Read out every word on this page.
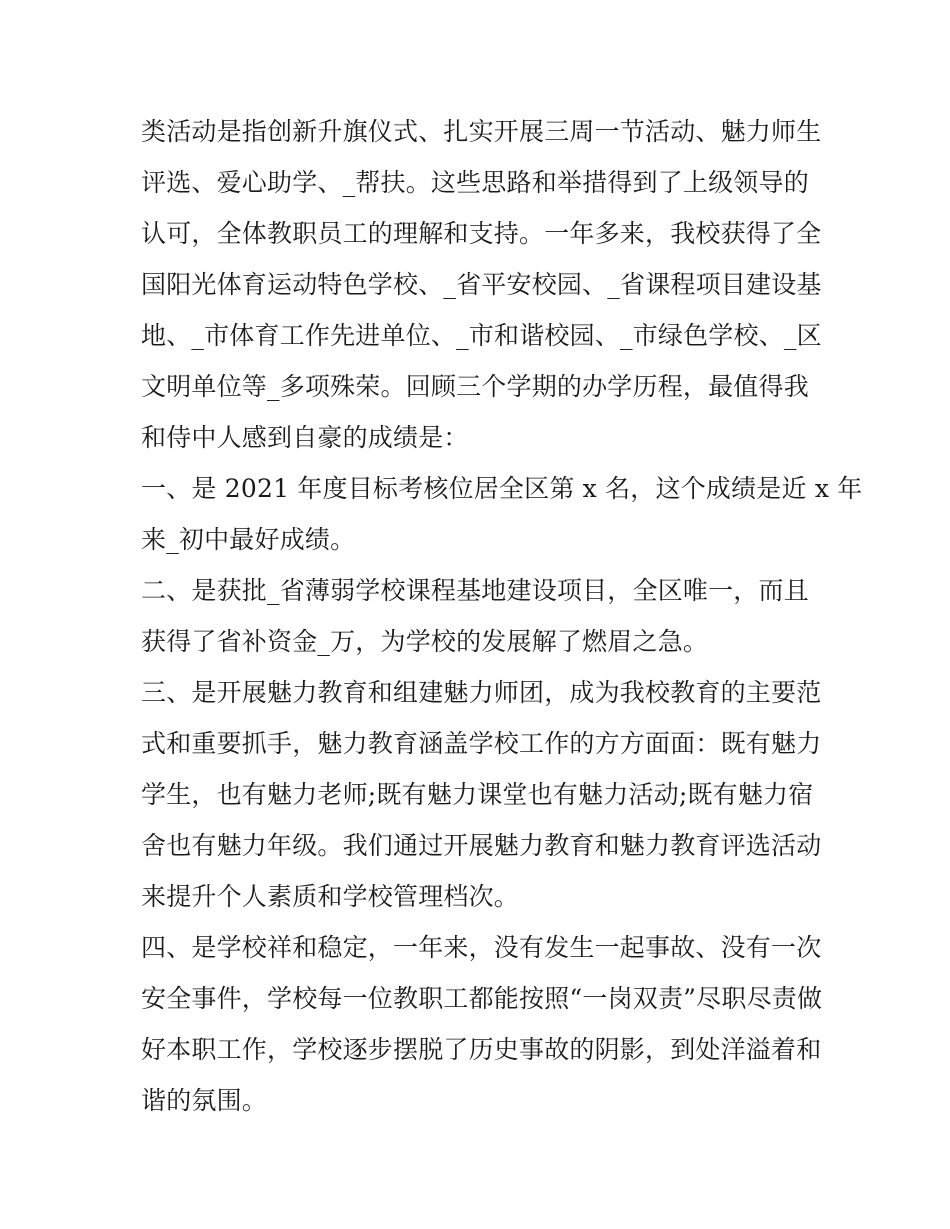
类活动是指创新升旗仪式、扎实开展三周一节活动、魅力师生
评选、爱心助学、_帮扶。这些思路和举措得到了上级领导的
认可，全体教职员工的理解和支持。一年多来，我校获得了全
国阳光体育运动特色学校、_省平安校园、_省课程项目建设基
地、_市体育工作先进单位、_市和谐校园、_市绿色学校、_区
文明单位等_多项殊荣。回顾三个学期的办学历程，最值得我
和侍中人感到自豪的成绩是：
一、是 2021 年度目标考核位居全区第 x 名，这个成绩是近 x 年
来_初中最好成绩。
二、是获批_省薄弱学校课程基地建设项目，全区唯一，而且
获得了省补资金_万，为学校的发展解了燃眉之急。
三、是开展魅力教育和组建魅力师团，成为我校教育的主要范
式和重要抓手，魅力教育涵盖学校工作的方方面面：既有魅力
学生，也有魅力老师;既有魅力课堂也有魅力活动;既有魅力宿
舍也有魅力年级。我们通过开展魅力教育和魅力教育评选活动
来提升个人素质和学校管理档次。
四、是学校祥和稳定，一年来，没有发生一起事故、没有一次
安全事件，学校每一位教职工都能按照“一岗双责”尽职尽责做
好本职工作，学校逐步摆脱了历史事故的阴影，到处洋溢着和
谐的氛围。
